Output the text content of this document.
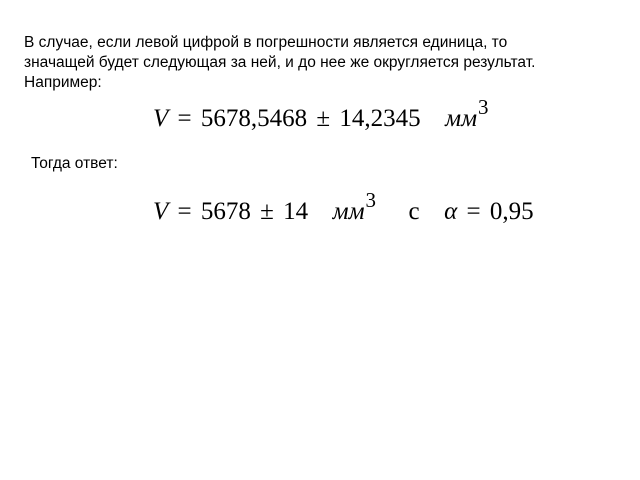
В случае, если левой цифрой в погрешности является единица, то
значащей будет следующая за ней, и до нее же округляется результат.
Например:

V = 5678,5468 ± 14,2345 $мм^3$
Тогда ответ:
V = 5678 ± 14 $мм^3$ с α = 0,95
